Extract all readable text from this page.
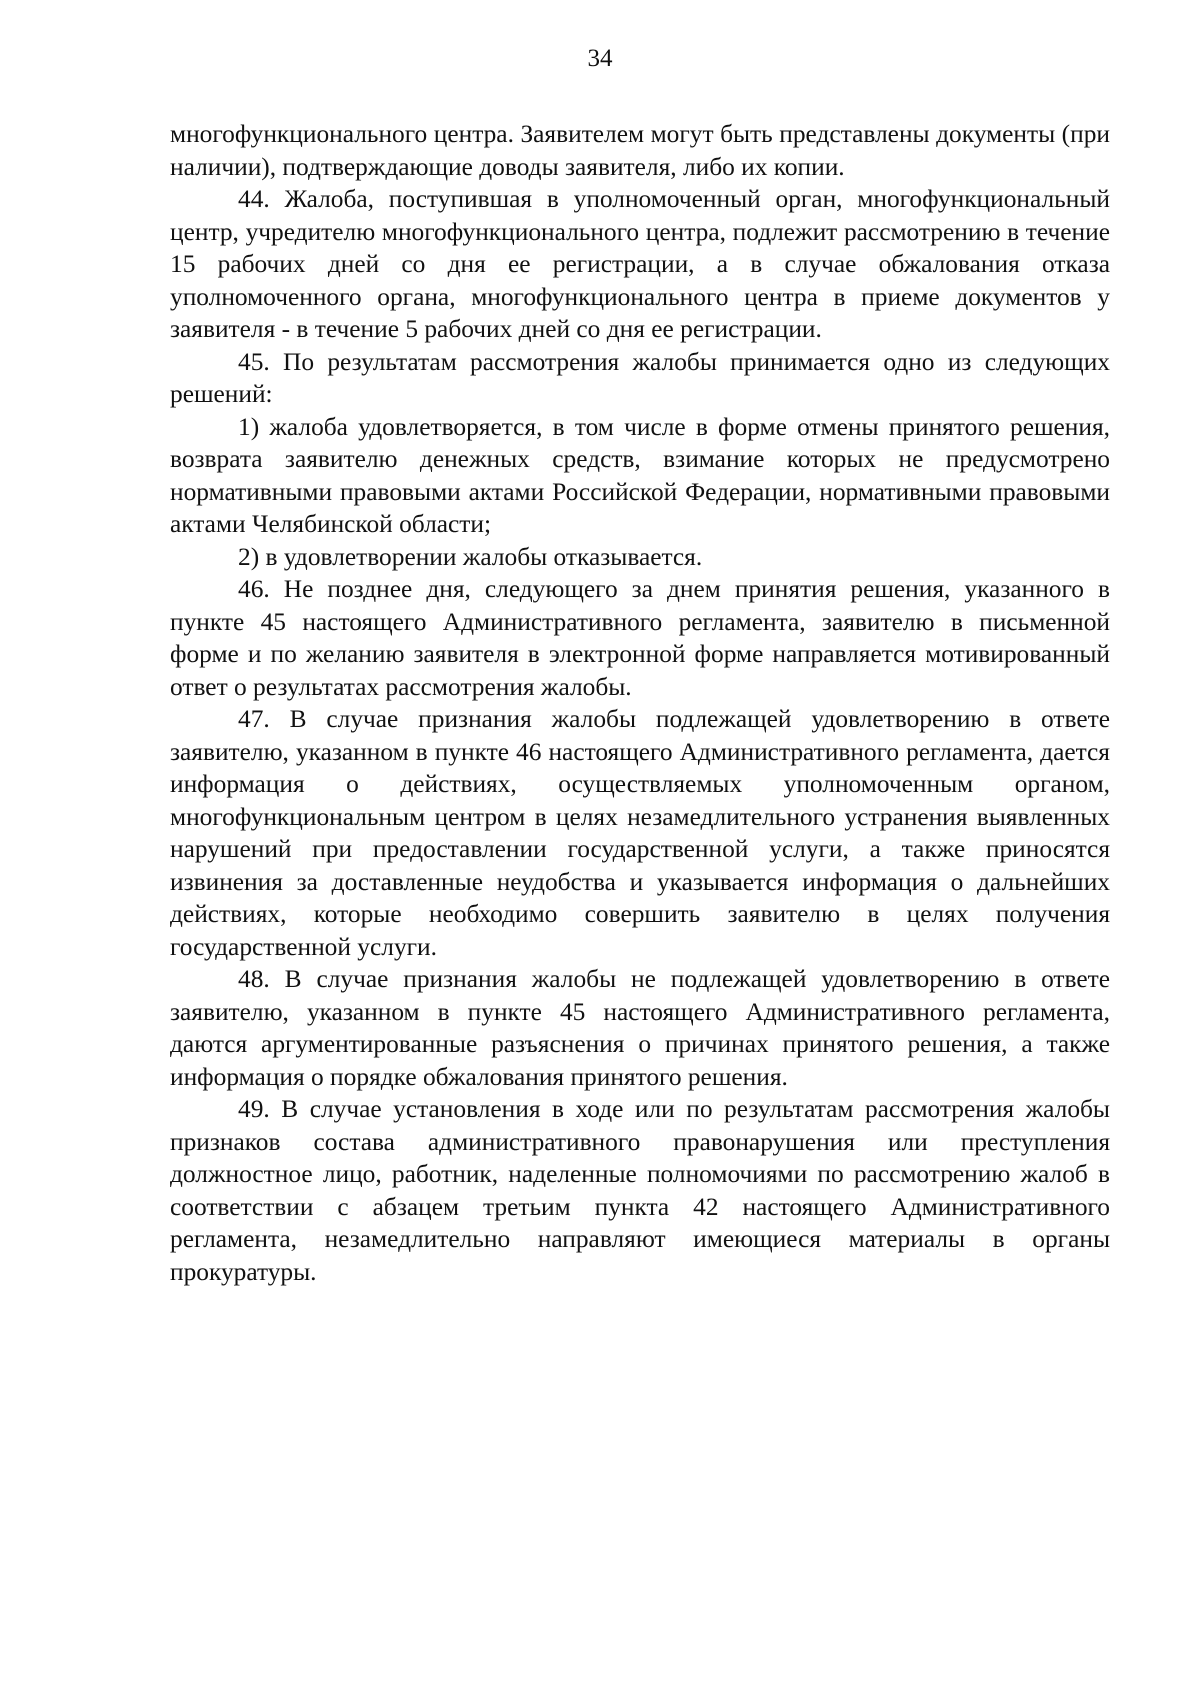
34

многофункционального центра. Заявителем могут быть представлены документы (при наличии), подтверждающие доводы заявителя, либо их копии.

44. Жалоба, поступившая в уполномоченный орган, многофункциональный центр, учредителю многофункционального центра, подлежит рассмотрению в течение 15 рабочих дней со дня ее регистрации, а в случае обжалования отказа уполномоченного органа, многофункционального центра в приеме документов у заявителя - в течение 5 рабочих дней со дня ее регистрации.

45. По результатам рассмотрения жалобы принимается одно из следующих решений:

1) жалоба удовлетворяется, в том числе в форме отмены принятого решения, возврата заявителю денежных средств, взимание которых не предусмотрено нормативными правовыми актами Российской Федерации, нормативными правовыми актами Челябинской области;

2) в удовлетворении жалобы отказывается.

46. Не позднее дня, следующего за днем принятия решения, указанного в пункте 45 настоящего Административного регламента, заявителю в письменной форме и по желанию заявителя в электронной форме направляется мотивированный ответ о результатах рассмотрения жалобы.

47. В случае признания жалобы подлежащей удовлетворению в ответе заявителю, указанном в пункте 46 настоящего Административного регламента, дается информация о действиях, осуществляемых уполномоченным органом, многофункциональным центром в целях незамедлительного устранения выявленных нарушений при предоставлении государственной услуги, а также приносятся извинения за доставленные неудобства и указывается информация о дальнейших действиях, которые необходимо совершить заявителю в целях получения государственной услуги.

48. В случае признания жалобы не подлежащей удовлетворению в ответе заявителю, указанном в пункте 45 настоящего Административного регламента, даются аргументированные разъяснения о причинах принятого решения, а также информация о порядке обжалования принятого решения.

49. В случае установления в ходе или по результатам рассмотрения жалобы признаков состава административного правонарушения или преступления должностное лицо, работник, наделенные полномочиями по рассмотрению жалоб в соответствии с абзацем третьим пункта 42 настоящего Административного регламента, незамедлительно направляют имеющиеся материалы в органы прокуратуры.
